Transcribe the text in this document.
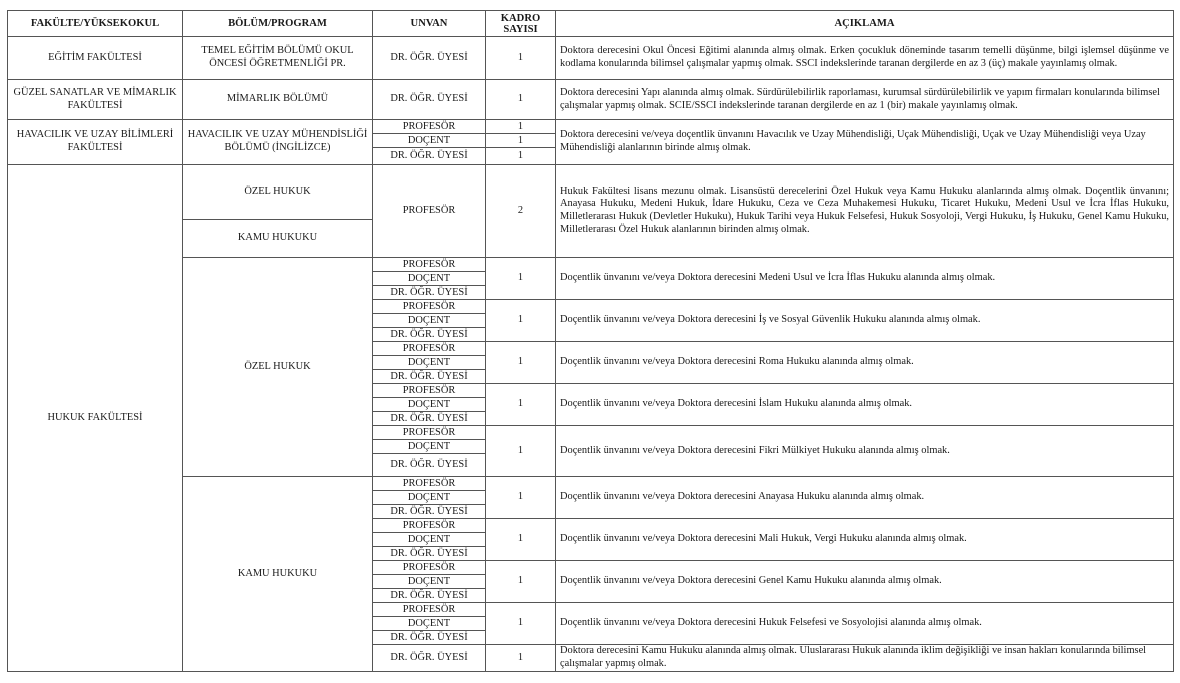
FAKÜLTE/YÜKSEKOKUL	BÖLÜM/PROGRAM	UNVAN	KADRO SAYISI	AÇIKLAMA
EĞİTİM FAKÜLTESİ	TEMEL EĞİTİM BÖLÜMÜ OKUL ÖNCESİ ÖĞRETMENLİĞİ PR.	DR. ÖĞR. ÜYESİ	1	Doktora derecesini Okul Öncesi Eğitimi alanında almış olmak. Erken çocukluk döneminde tasarım temelli düşünme, bilgi işlemsel düşünme ve kodlama konularında bilimsel çalışmalar yapmış olmak. SSCI indekslerinde taranan dergilerde en az 3 (üç) makale yayınlamış olmak.
GÜZEL SANATLAR VE MİMARLIK FAKÜLTESİ	MİMARLIK BÖLÜMÜ	DR. ÖĞR. ÜYESİ	1	Doktora derecesini Yapı alanında almış olmak. Sürdürülebilirlik raporlaması, kurumsal sürdürülebilirlik ve yapım firmaları konularında bilimsel çalışmalar yapmış olmak. SCIE/SSCI indekslerinde taranan dergilerde en az 1 (bir) makale yayınlamış olmak.
HAVACILIK VE UZAY BİLİMLERİ FAKÜLTESİ	HAVACILIK VE UZAY MÜHENDİSLİĞİ BÖLÜMÜ (İNGİLİZCE)	PROFESÖR	1	Doktora derecesini ve/veya doçentlik ünvanını Havacılık ve Uzay Mühendisliği, Uçak Mühendisliği, Uçak ve Uzay Mühendisliği veya Uzay Mühendisliği alanlarının birinde almış olmak.
		DOÇENT	1	
		DR. ÖĞR. ÜYESİ	1	
HUKUK FAKÜLTESİ	ÖZEL HUKUK	PROFESÖR	2	Hukuk Fakültesi lisans mezunu olmak. Lisansüstü derecelerini Özel Hukuk veya Kamu Hukuku alanlarında almış olmak. Doçentlik ünvanını; Anayasa Hukuku, Medeni Hukuk, İdare Hukuku, Ceza ve Ceza Muhakemesi Hukuku, Ticaret Hukuku, Medeni Usul ve İcra İflas Hukuku, Milletlerarası Hukuk (Devletler Hukuku), Hukuk Tarihi veya Hukuk Felsefesi, Hukuk Sosyoloji, Vergi Hukuku, İş Hukuku, Genel Kamu Hukuku, Milletlerarası Özel Hukuk alanlarının birinden almış olmak.
	KAMU HUKUKU			
	ÖZEL HUKUK	PROFESÖR	1	Doçentlik ünvanını ve/veya Doktora derecesini Medeni Usul ve İcra İflas Hukuku alanında almış olmak.
		DOÇENT		
		DR. ÖĞR. ÜYESİ		
		PROFESÖR	1	Doçentlik ünvanını ve/veya Doktora derecesini İş ve Sosyal Güvenlik Hukuku alanında almış olmak.
		DOÇENT		
		DR. ÖĞR. ÜYESİ		
		PROFESÖR	1	Doçentlik ünvanını ve/veya Doktora derecesini Roma Hukuku alanında almış olmak.
		DOÇENT		
		DR. ÖĞR. ÜYESİ		
		PROFESÖR	1	Doçentlik ünvanını ve/veya Doktora derecesini İslam Hukuku alanında almış olmak.
		DOÇENT		
		DR. ÖĞR. ÜYESİ		
		PROFESÖR	1	Doçentlik ünvanını ve/veya Doktora derecesini Fikri Mülkiyet Hukuku alanında almış olmak.
		DOÇENT		
		DR. ÖĞR. ÜYESİ		
	KAMU HUKUKU	PROFESÖR	1	Doçentlik ünvanını ve/veya Doktora derecesini Anayasa Hukuku alanında almış olmak.
		DOÇENT		
		DR. ÖĞR. ÜYESİ		
		PROFESÖR	1	Doçentlik ünvanını ve/veya Doktora derecesini Mali Hukuk, Vergi Hukuku alanında almış olmak.
		DOÇENT		
		DR. ÖĞR. ÜYESİ		
		PROFESÖR	1	Doçentlik ünvanını ve/veya Doktora derecesini Genel Kamu Hukuku alanında almış olmak.
		DOÇENT		
		DR. ÖĞR. ÜYESİ		
		PROFESÖR	1	Doçentlik ünvanını ve/veya Doktora derecesini Hukuk Felsefesi ve Sosyolojisi alanında almış olmak.
		DOÇENT		
		DR. ÖĞR. ÜYESİ		
		DR. ÖĞR. ÜYESİ	1	Doktora derecesini Kamu Hukuku alanında almış olmak. Uluslararası Hukuk alanında iklim değişikliği ve insan hakları konularında bilimsel çalışmalar yapmış olmak.
